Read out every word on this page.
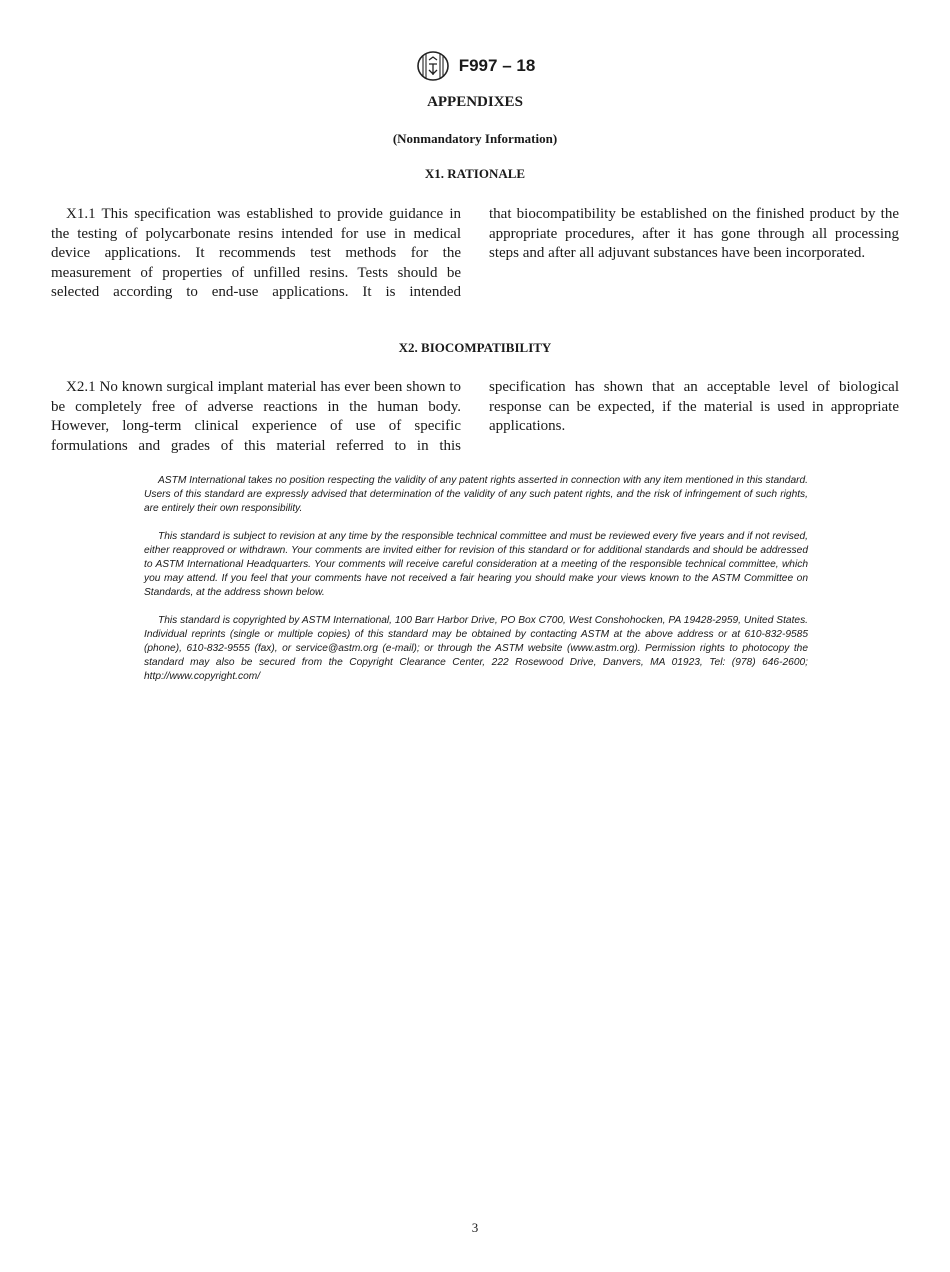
F997 – 18
APPENDIXES
(Nonmandatory Information)
X1. RATIONALE
X1.1 This specification was established to provide guidance in the testing of polycarbonate resins intended for use in medical device applications. It recommends test methods for the measurement of properties of unfilled resins. Tests should be selected according to end-use applications. It is intended
that biocompatibility be established on the finished product by the appropriate procedures, after it has gone through all processing steps and after all adjuvant substances have been incorporated.
X2. BIOCOMPATIBILITY
X2.1 No known surgical implant material has ever been shown to be completely free of adverse reactions in the human body. However, long-term clinical experience of use of specific formulations and grades of this material referred to in this
specification has shown that an acceptable level of biological response can be expected, if the material is used in appropriate applications.

ASTM International takes no position respecting the validity of any patent rights asserted in connection with any item mentioned in this standard. Users of this standard are expressly advised that determination of the validity of any such patent rights, and the risk of infringement of such rights, are entirely their own responsibility.

This standard is subject to revision at any time by the responsible technical committee and must be reviewed every five years and if not revised, either reapproved or withdrawn. Your comments are invited either for revision of this standard or for additional standards and should be addressed to ASTM International Headquarters. Your comments will receive careful consideration at a meeting of the responsible technical committee, which you may attend. If you feel that your comments have not received a fair hearing you should make your views known to the ASTM Committee on Standards, at the address shown below.

This standard is copyrighted by ASTM International, 100 Barr Harbor Drive, PO Box C700, West Conshohocken, PA 19428-2959, United States. Individual reprints (single or multiple copies) of this standard may be obtained by contacting ASTM at the above address or at 610-832-9585 (phone), 610-832-9555 (fax), or service@astm.org (e-mail); or through the ASTM website (www.astm.org). Permission rights to photocopy the standard may also be secured from the Copyright Clearance Center, 222 Rosewood Drive, Danvers, MA 01923, Tel: (978) 646-2600; http://www.copyright.com/

3
